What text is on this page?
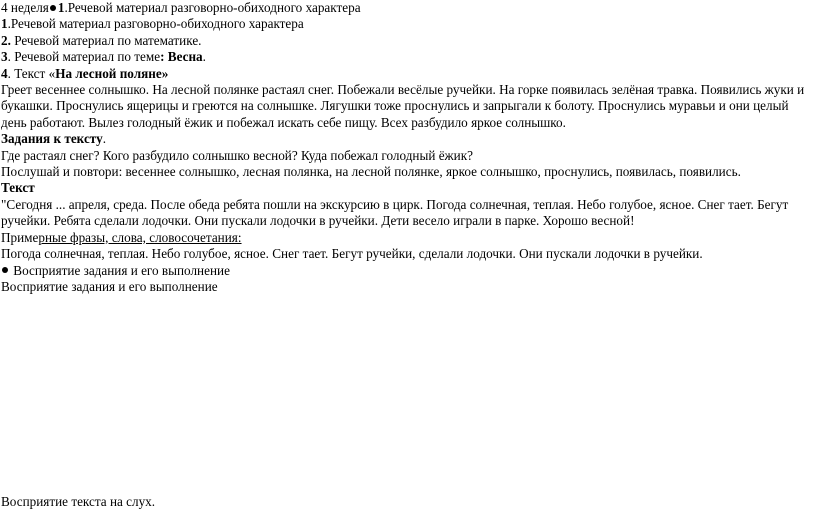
4 неделя 1.Речевой материал разговорно-обиходного характера
1.Речевой материал разговорно-обиходного характера
2. Речевой материал по математике.
3. Речевой материал по теме: Весна.
4. Текст «На лесной поляне»
Греет весеннее солнышко. На лесной полянке растаял снег. Побежали весёлые ручейки. На горке появилась зелёная травка. Появились жуки и букашки. Проснулись ящерицы и греются на солнышке. Лягушки тоже проснулись и запрыгали к болоту. Проснулись муравьи и они целый день работают. Вылез голодный ёжик и побежал искать себе пищу. Всех разбудило яркое солнышко.
Задания к тексту.
Где растаял снег? Кого разбудило солнышко весной? Куда побежал голодный ёжик?
Послушай и повтори: весеннее солнышко, лесная полянка, на лесной полянке, яркое солнышко, проснулись, появилась, появились.
Текст
"Сегодня ... апреля, среда. После обеда ребята пошли на экскурсию в цирк. Погода солнечная, теплая. Небо голубое, ясное. Снег тает. Бегут ручейки. Ребята сделали лодочки. Они пускали лодочки в ручейки. Дети весело играли в парке. Хорошо весной!
Примерные фразы, слова, словосочетания:
Погода солнечная, теплая. Небо голубое, ясное. Снег тает. Бегут ручейки, сделали лодочки. Они пускали лодочки в ручейки.
Восприятие задания и его выполнение
Восприятие задания и его выполнение
Восприятие текста на слух.
